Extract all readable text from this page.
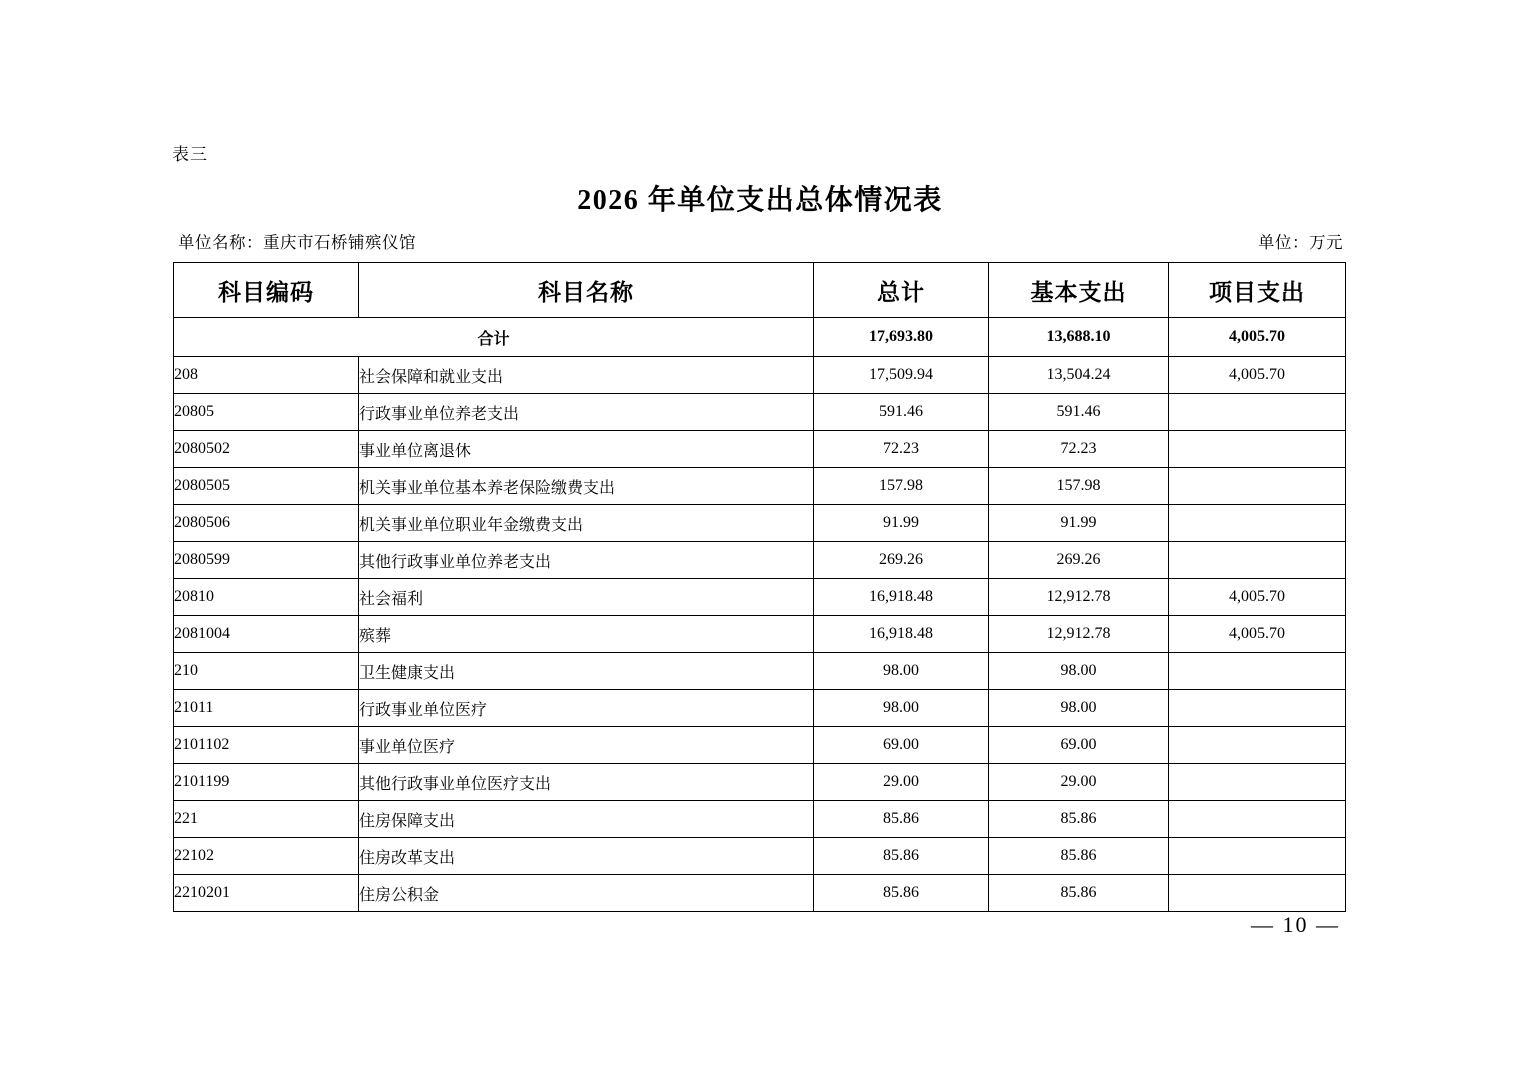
表三
2026 年单位支出总体情况表
单位名称：重庆市石桥铺殡仪馆	单位：万元
科目编码	科目名称	总计	基本支出	项目支出
合计		17,693.80	13,688.10	4,005.70
208	社会保障和就业支出	17,509.94	13,504.24	4,005.70
20805	行政事业单位养老支出	591.46	591.46	
2080502	事业单位离退休	72.23	72.23	
2080505	机关事业单位基本养老保险缴费支出	157.98	157.98	
2080506	机关事业单位职业年金缴费支出	91.99	91.99	
2080599	其他行政事业单位养老支出	269.26	269.26	
20810	社会福利	16,918.48	12,912.78	4,005.70
2081004	殡葬	16,918.48	12,912.78	4,005.70
210	卫生健康支出	98.00	98.00	
21011	行政事业单位医疗	98.00	98.00	
2101102	事业单位医疗	69.00	69.00	
2101199	其他行政事业单位医疗支出	29.00	29.00	
221	住房保障支出	85.86	85.86	
22102	住房改革支出	85.86	85.86	
2210201	住房公积金	85.86	85.86	
— 10 —
